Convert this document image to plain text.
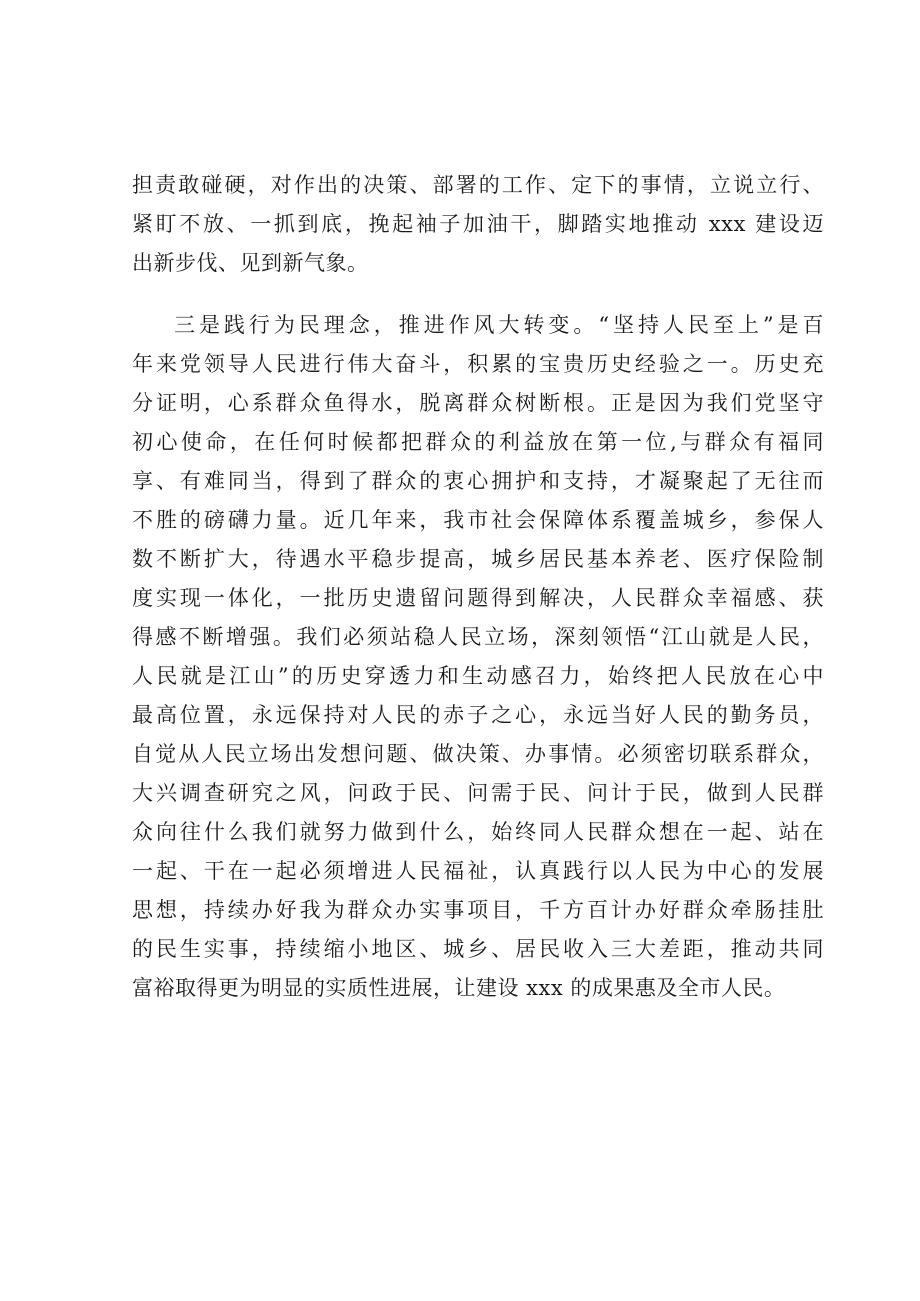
担责敢碰硬，对作出的决策、部署的工作、定下的事情，立说立行、
紧盯不放、一抓到底，挽起袖子加油干，脚踏实地推动 xxx 建设迈
出新步伐、见到新气象。
三是践行为民理念，推进作风大转变。“坚持人民至上”是百
年来党领导人民进行伟大奋斗，积累的宝贵历史经验之一。历史充
分证明，心系群众鱼得水，脱离群众树断根。正是因为我们党坚守
初心使命，在任何时候都把群众的利益放在第一位,与群众有福同
享、有难同当，得到了群众的衷心拥护和支持，才凝聚起了无往而
不胜的磅礴力量。近几年来，我市社会保障体系覆盖城乡，参保人
数不断扩大，待遇水平稳步提高，城乡居民基本养老、医疗保险制
度实现一体化，一批历史遗留问题得到解决，人民群众幸福感、获
得感不断增强。我们必须站稳人民立场，深刻领悟“江山就是人民，
人民就是江山”的历史穿透力和生动感召力，始终把人民放在心中
最高位置，永远保持对人民的赤子之心，永远当好人民的勤务员，
自觉从人民立场出发想问题、做决策、办事情。必须密切联系群众，
大兴调查研究之风，问政于民、问需于民、问计于民，做到人民群
众向往什么我们就努力做到什么，始终同人民群众想在一起、站在
一起、干在一起必须增进人民福祉，认真践行以人民为中心的发展
思想，持续办好我为群众办实事项目，千方百计办好群众牵肠挂肚
的民生实事，持续缩小地区、城乡、居民收入三大差距，推动共同
富裕取得更为明显的实质性进展，让建设 xxx 的成果惠及全市人民。
